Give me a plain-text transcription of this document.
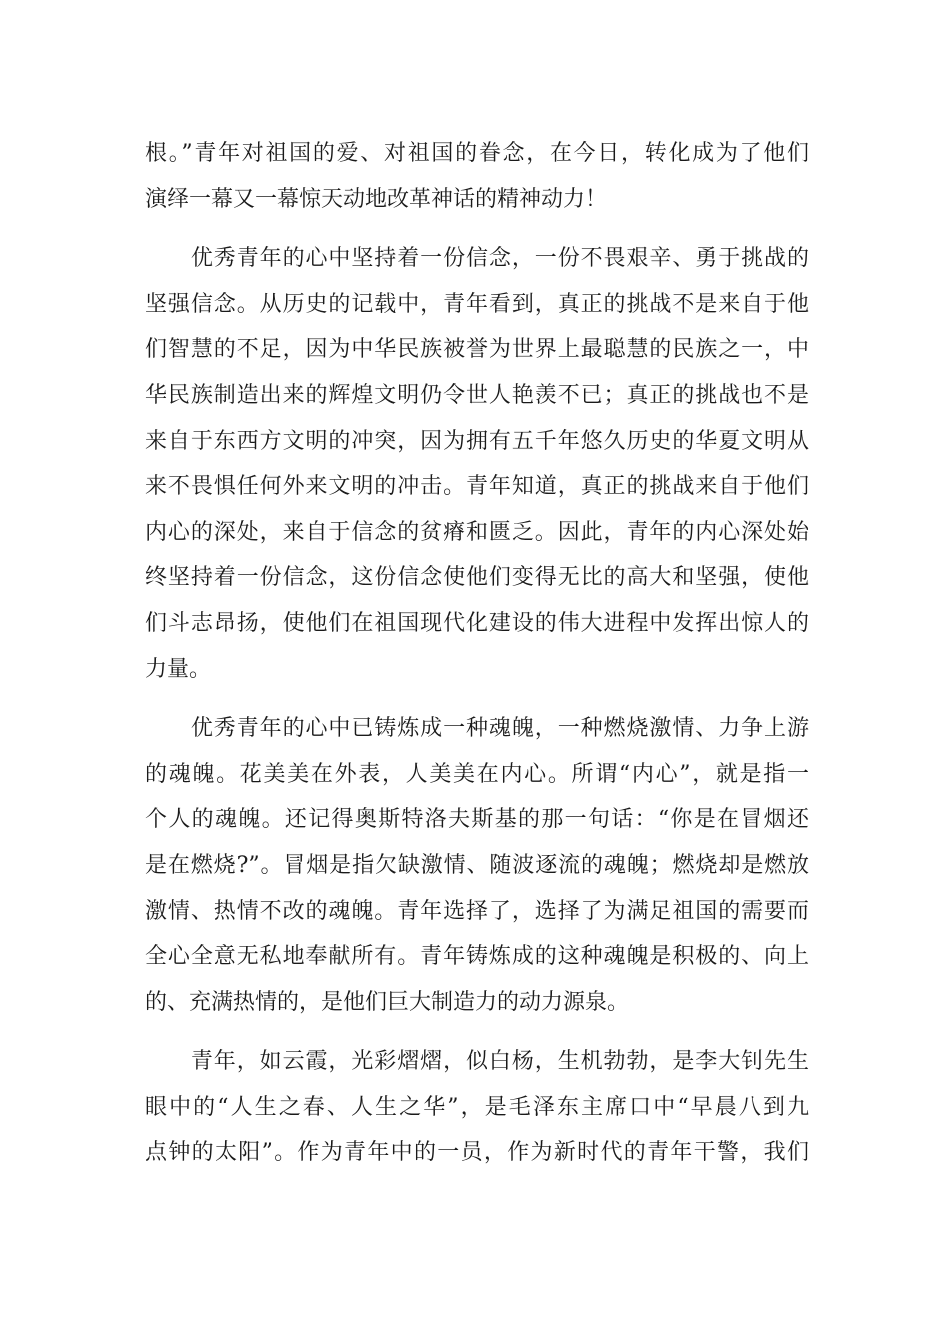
根。”青年对祖国的爱、对祖国的眷念，在今日，转化成为了他们
演绎一幕又一幕惊天动地改革神话的精神动力！
　　优秀青年的心中坚持着一份信念，一份不畏艰辛、勇于挑战的
坚强信念。从历史的记载中，青年看到，真正的挑战不是来自于他
们智慧的不足，因为中华民族被誉为世界上最聪慧的民族之一，中
华民族制造出来的辉煌文明仍令世人艳羡不已；真正的挑战也不是
来自于东西方文明的冲突，因为拥有五千年悠久历史的华夏文明从
来不畏惧任何外来文明的冲击。青年知道，真正的挑战来自于他们
内心的深处，来自于信念的贫瘠和匮乏。因此，青年的内心深处始
终坚持着一份信念，这份信念使他们变得无比的高大和坚强，使他
们斗志昂扬，使他们在祖国现代化建设的伟大进程中发挥出惊人的
力量。
　　优秀青年的心中已铸炼成一种魂魄，一种燃烧激情、力争上游
的魂魄。花美美在外表，人美美在内心。所谓“内心”，就是指一
个人的魂魄。还记得奥斯特洛夫斯基的那一句话：“你是在冒烟还
是在燃烧?”。冒烟是指欠缺激情、随波逐流的魂魄；燃烧却是燃放
激情、热情不改的魂魄。青年选择了，选择了为满足祖国的需要而
全心全意无私地奉献所有。青年铸炼成的这种魂魄是积极的、向上
的、充满热情的，是他们巨大制造力的动力源泉。
　　青年，如云霞，光彩熠熠，似白杨，生机勃勃，是李大钊先生
眼中的“人生之春、人生之华”，是毛泽东主席口中“早晨八到九
点钟的太阳”。作为青年中的一员，作为新时代的青年干警，我们
